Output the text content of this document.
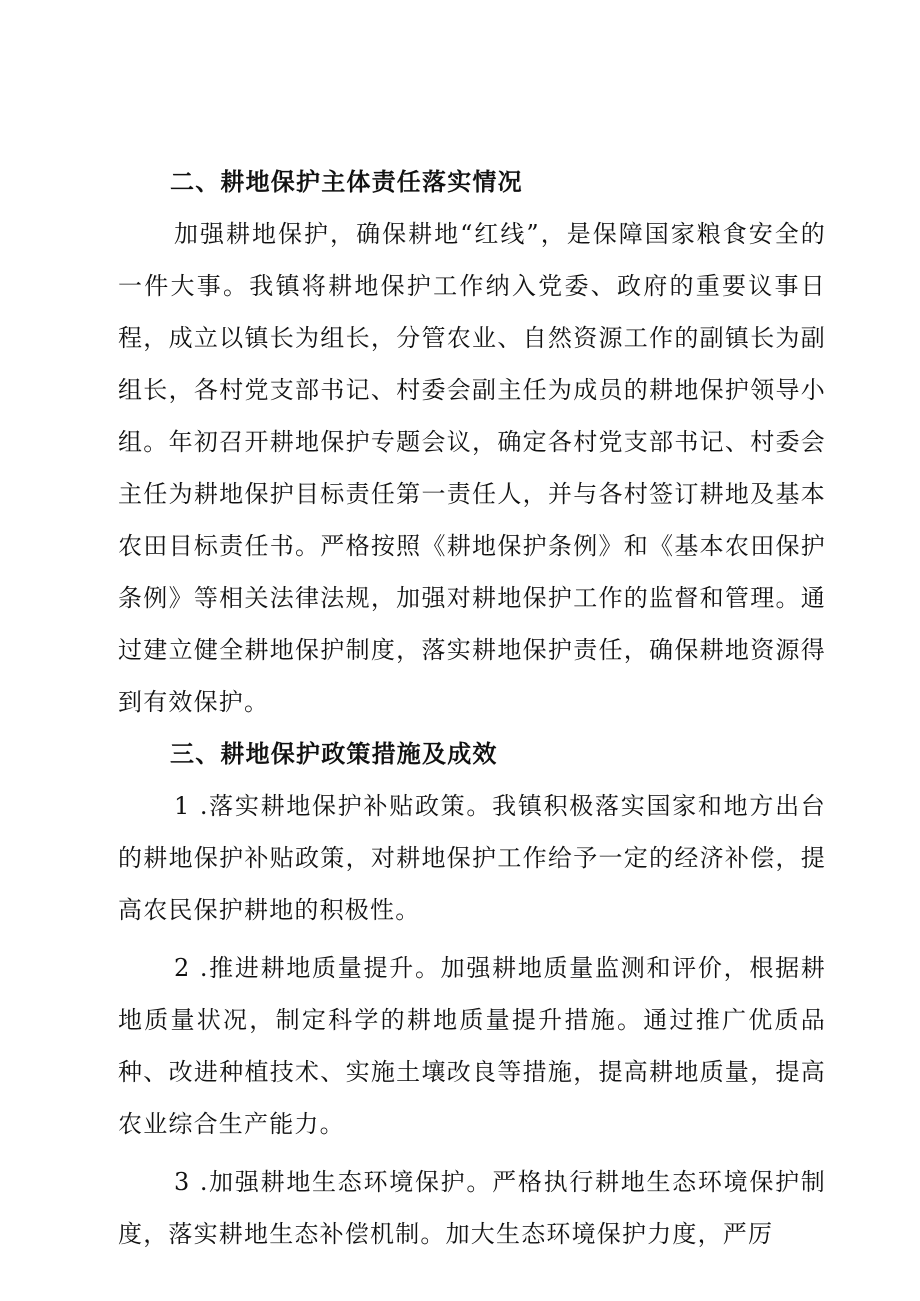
二、耕地保护主体责任落实情况

加强耕地保护，确保耕地“红线”，是保障国家粮食安全的一件大事。我镇将耕地保护工作纳入党委、政府的重要议事日程，成立以镇长为组长，分管农业、自然资源工作的副镇长为副组长，各村党支部书记、村委会副主任为成员的耕地保护领导小组。年初召开耕地保护专题会议，确定各村党支部书记、村委会主任为耕地保护目标责任第一责任人，并与各村签订耕地及基本农田目标责任书。严格按照《耕地保护条例》和《基本农田保护条例》等相关法律法规，加强对耕地保护工作的监督和管理。通过建立健全耕地保护制度，落实耕地保护责任，确保耕地资源得到有效保护。

三、耕地保护政策措施及成效

1 .落实耕地保护补贴政策。我镇积极落实国家和地方出台的耕地保护补贴政策，对耕地保护工作给予一定的经济补偿，提高农民保护耕地的积极性。

2 .推进耕地质量提升。加强耕地质量监测和评价，根据耕地质量状况，制定科学的耕地质量提升措施。通过推广优质品种、改进种植技术、实施土壤改良等措施，提高耕地质量，提高农业综合生产能力。

3 .加强耕地生态环境保护。严格执行耕地生态环境保护制度，落实耕地生态补偿机制。加大生态环境保护力度，严厉
